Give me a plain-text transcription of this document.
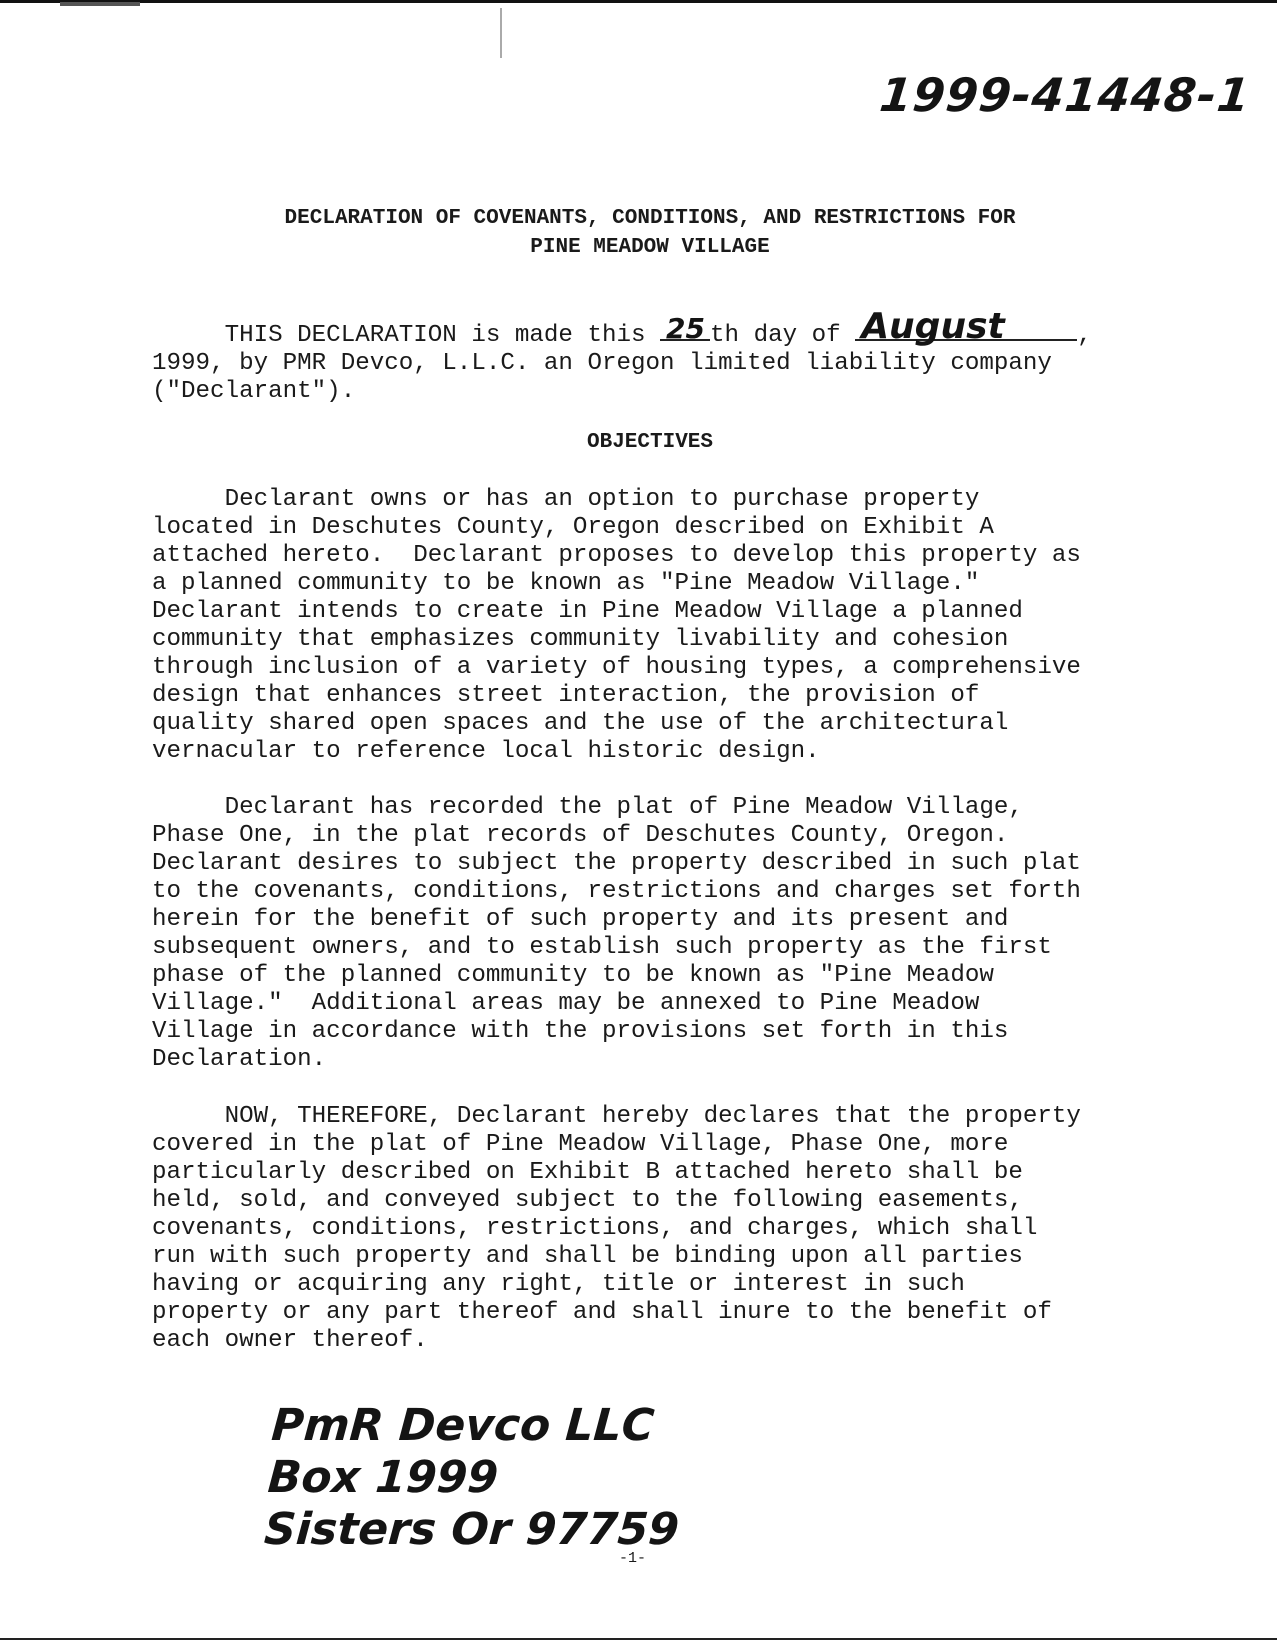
1999-41448-1
DECLARATION OF COVENANTS, CONDITIONS, AND RESTRICTIONS FOR
PINE MEADOW VILLAGE
THIS DECLARATION is made this 25 th day of August	,
1999, by PMR Devco, L.L.C. an Oregon limited liability company
("Declarant").
OBJECTIVES
Declarant owns or has an option to purchase property
located in Deschutes County, Oregon described on Exhibit A
attached hereto.  Declarant proposes to develop this property as
a planned community to be known as "Pine Meadow Village."
Declarant intends to create in Pine Meadow Village a planned
community that emphasizes community livability and cohesion
through inclusion of a variety of housing types, a comprehensive
design that enhances street interaction, the provision of
quality shared open spaces and the use of the architectural
vernacular to reference local historic design.
Declarant has recorded the plat of Pine Meadow Village,
Phase One, in the plat records of Deschutes County, Oregon.
Declarant desires to subject the property described in such plat
to the covenants, conditions, restrictions and charges set forth
herein for the benefit of such property and its present and
subsequent owners, and to establish such property as the first
phase of the planned community to be known as "Pine Meadow
Village."  Additional areas may be annexed to Pine Meadow
Village in accordance with the provisions set forth in this
Declaration.
NOW, THEREFORE, Declarant hereby declares that the property
covered in the plat of Pine Meadow Village, Phase One, more
particularly described on Exhibit B attached hereto shall be
held, sold, and conveyed subject to the following easements,
covenants, conditions, restrictions, and charges, which shall
run with such property and shall be binding upon all parties
having or acquiring any right, title or interest in such
property or any part thereof and shall inure to the benefit of
each owner thereof.
PmR Devco LLC
Box 1999
Sisters Or 97759
-1-
